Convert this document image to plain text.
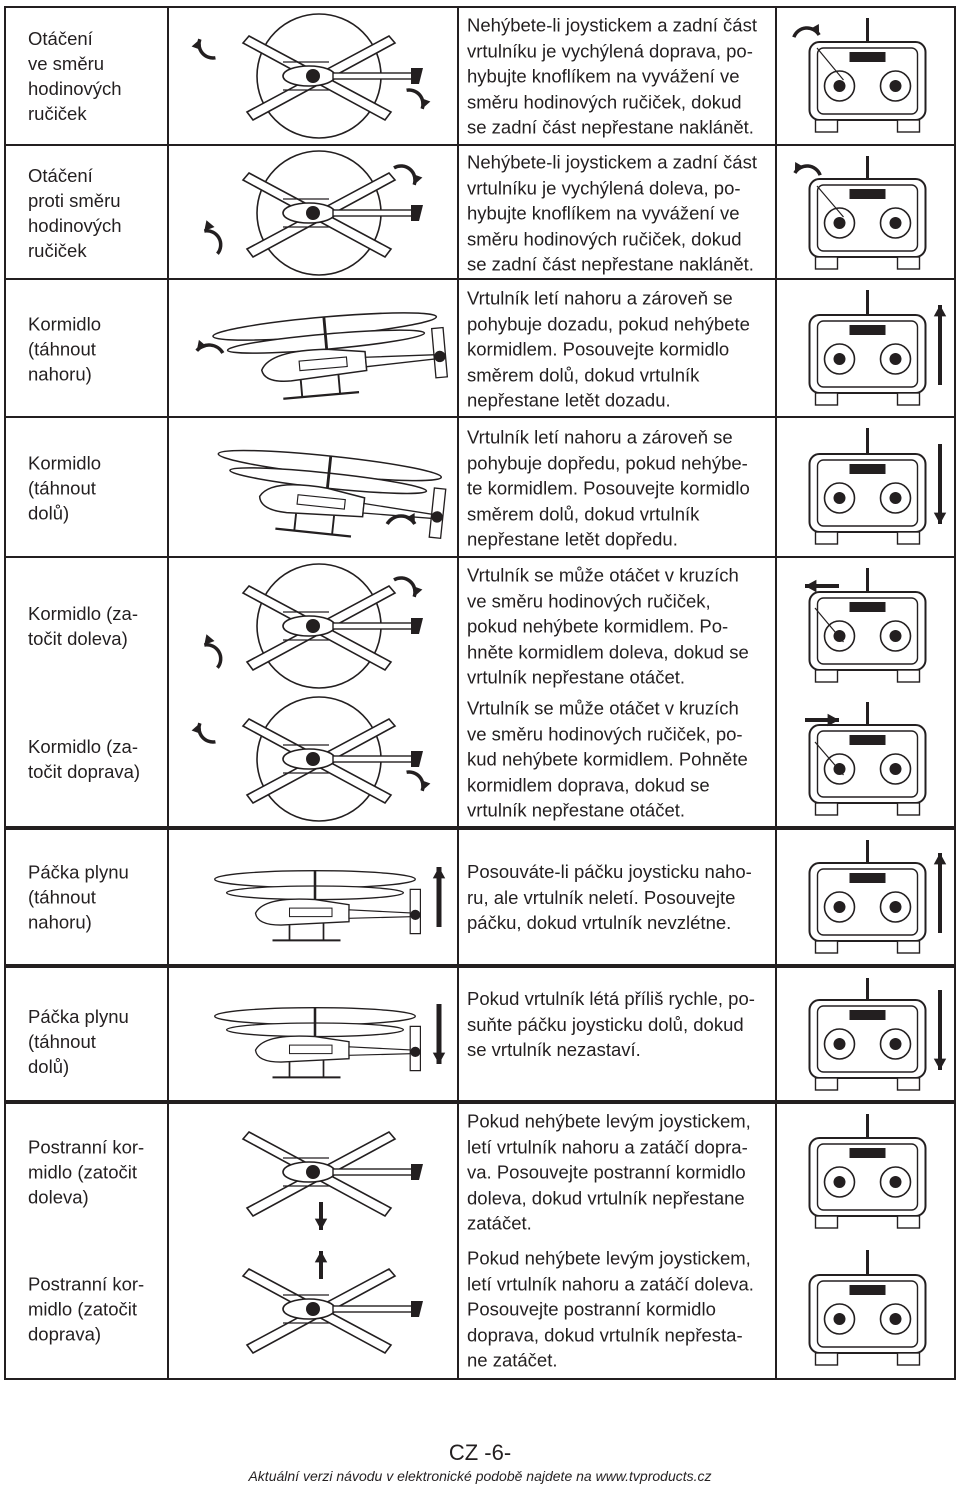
Otáčení
ve směru
hodinových
ručiček
Nehýbete-li joystickem a zadní část
vrtulníku je vychýlená doprava, po-
hybujte knoflíkem na vyvážení ve
směru hodinových ručiček, dokud
se zadní část nepřestane naklánět.
Otáčení
proti směru
hodinových
ručiček
Nehýbete-li joystickem a zadní část
vrtulníku je vychýlená doleva, po-
hybujte knoflíkem na vyvážení ve
směru hodinových ručiček, dokud
se zadní část nepřestane naklánět.
Kormidlo
(táhnout
nahoru)
Vrtulník letí nahoru a zároveň se
pohybuje dozadu, pokud nehýbete
kormidlem. Posouvejte kormidlo
směrem dolů, dokud vrtulník
nepřestane letět dozadu.
Kormidlo
(táhnout
dolů)
Vrtulník letí nahoru a zároveň se
pohybuje dopředu, pokud nehýbe-
te kormidlem. Posouvejte kormidlo
směrem dolů, dokud vrtulník
nepřestane letět dopředu.
Kormidlo (za-
točit doleva)
Vrtulník se může otáčet v kruzích
ve směru hodinových ručiček,
pokud nehýbete kormidlem. Po-
hněte kormidlem doleva, dokud se
vrtulník nepřestane otáčet.
Kormidlo (za-
točit doprava)
Vrtulník se může otáčet v kruzích
ve směru hodinových ručiček, po-
kud nehýbete kormidlem. Pohněte
kormidlem doprava, dokud se
vrtulník nepřestane otáčet.
Páčka plynu
(táhnout
nahoru)
Posouváte-li páčku joysticku naho-
ru, ale vrtulník neletí. Posouvejte
páčku, dokud vrtulník nevzlétne.
Páčka plynu
(táhnout
dolů)
Pokud vrtulník létá příliš rychle, po-
suňte páčku joysticku dolů, dokud
se vrtulník nezastaví.
Postranní kor-
midlo (zatočit
doleva)
Pokud nehýbete levým joystickem,
letí vrtulník nahoru a zatáčí dopra-
va. Posouvejte postranní kormidlo
doleva, dokud vrtulník nepřestane
zatáčet.
Postranní kor-
midlo (zatočit
doprava)
Pokud nehýbete levým joystickem,
letí vrtulník nahoru a zatáčí doleva.
Posouvejte postranní kormidlo
doprava, dokud vrtulník nepřesta-
ne zatáčet.
CZ -6-
Aktuální verzi návodu v elektronické podobě najdete na www.tvproducts.cz
